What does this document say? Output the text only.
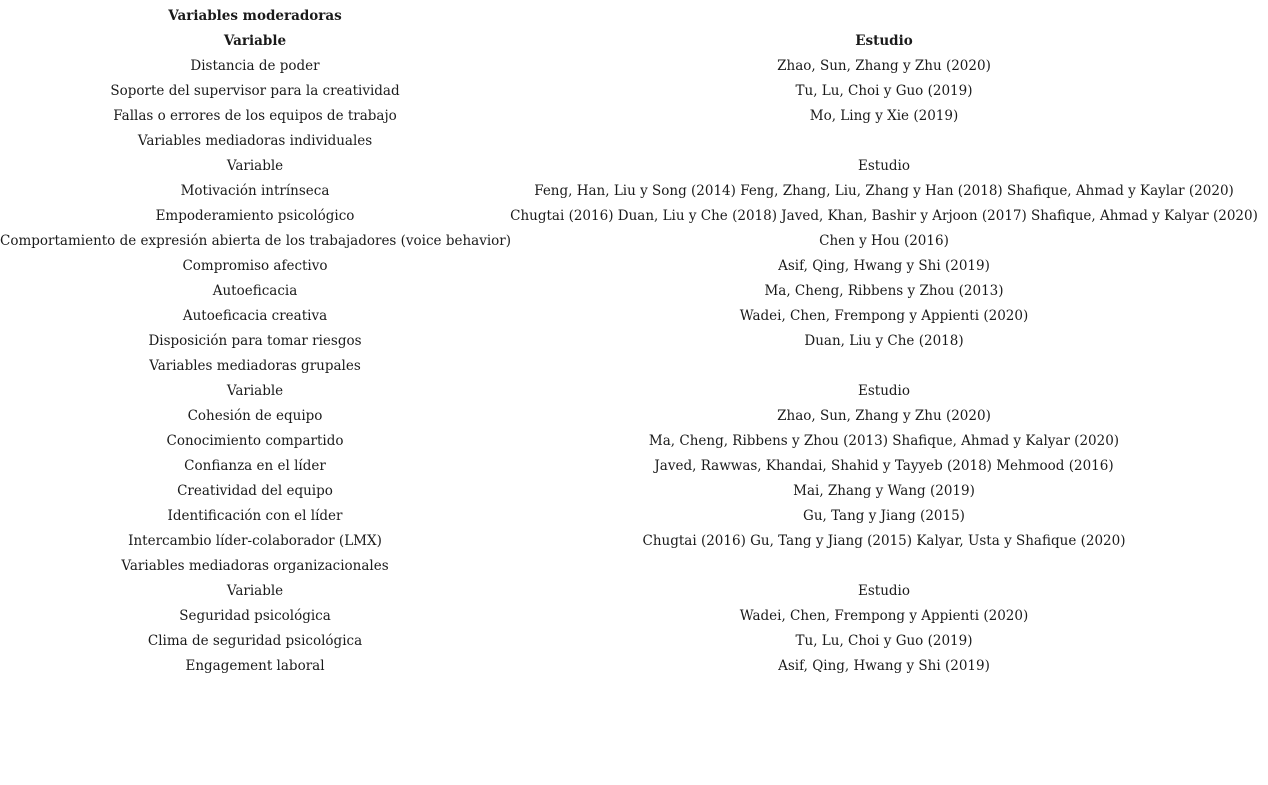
Variables moderadoras
Variable	Estudio
Distancia de poder	Zhao, Sun, Zhang y Zhu (2020)
Soporte del supervisor para la creatividad	Tu, Lu, Choi y Guo (2019)
Fallas o errores de los equipos de trabajo	Mo, Ling y Xie (2019)
Variables mediadoras individuales
Variable	Estudio
Motivación intrínseca	Feng, Han, Liu y Song (2014) Feng, Zhang, Liu, Zhang y Han (2018) Shafique, Ahmad y Kaylar (2020)
Empoderamiento psicológico	Chugtai (2016) Duan, Liu y Che (2018) Javed, Khan, Bashir y Arjoon (2017) Shafique, Ahmad y Kalyar (2020)
Comportamiento de expresión abierta de los trabajadores (voice behavior)	Chen y Hou (2016)
Compromiso afectivo	Asif, Qing, Hwang y Shi (2019)
Autoeficacia	Ma, Cheng, Ribbens y Zhou (2013)
Autoeficacia creativa	Wadei, Chen, Frempong y Appienti (2020)
Disposición para tomar riesgos	Duan, Liu y Che (2018)
Variables mediadoras grupales
Variable	Estudio
Cohesión de equipo	Zhao, Sun, Zhang y Zhu (2020)
Conocimiento compartido	Ma, Cheng, Ribbens y Zhou (2013) Shafique, Ahmad y Kalyar (2020)
Confianza en el líder	Javed, Rawwas, Khandai, Shahid y Tayyeb (2018) Mehmood (2016)
Creatividad del equipo	Mai, Zhang y Wang (2019)
Identificación con el líder	Gu, Tang y Jiang (2015)
Intercambio líder-colaborador (LMX)	Chugtai (2016) Gu, Tang y Jiang (2015) Kalyar, Usta y Shafique (2020)
Variables mediadoras organizacionales
Variable	Estudio
Seguridad psicológica	Wadei, Chen, Frempong y Appienti (2020)
Clima de seguridad psicológica	Tu, Lu, Choi y Guo (2019)
Engagement laboral	Asif, Qing, Hwang y Shi (2019)
